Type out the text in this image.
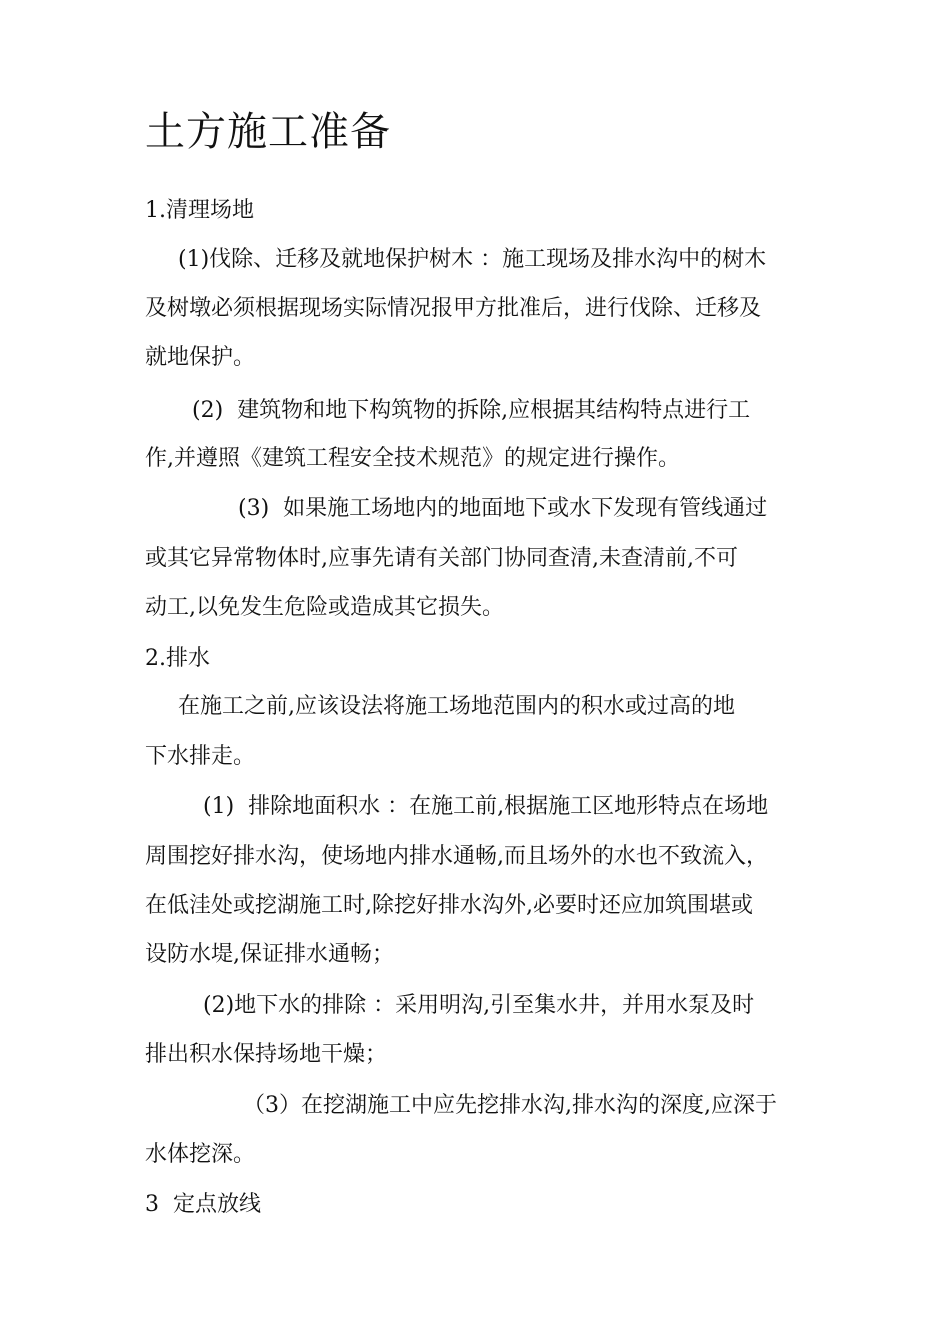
土方施工准备

1.清理场地

(1)伐除、迁移及就地保护树木 ：施工现场及排水沟中的树木

及树墩必须根据现场实际情况报甲方批准后，进行伐除、迁移及

就地保护。

(2)  建筑物和地下构筑物的拆除,应根据其结构特点进行工

作,并遵照《建筑工程安全技术规范》的规定进行操作。

(3)  如果施工场地内的地面地下或水下发现有管线通过

或其它异常物体时,应事先请有关部门协同查清,未查清前,不可

动工,以免发生危险或造成其它损失。

2.排水

在施工之前,应该设法将施工场地范围内的积水或过高的地

下水排走。

(1)  排除地面积水 ：在施工前,根据施工区地形特点在场地

周围挖好排水沟，使场地内排水通畅,而且场外的水也不致流入，

在低洼处或挖湖施工时,除挖好排水沟外,必要时还应加筑围堪或

设防水堤,保证排水通畅；

(2)地下水的排除 ：采用明沟,引至集水井，并用水泵及时

排出积水保持场地干燥；

（3）在挖湖施工中应先挖排水沟,排水沟的深度,应深于

水体挖深。

3  定点放线
